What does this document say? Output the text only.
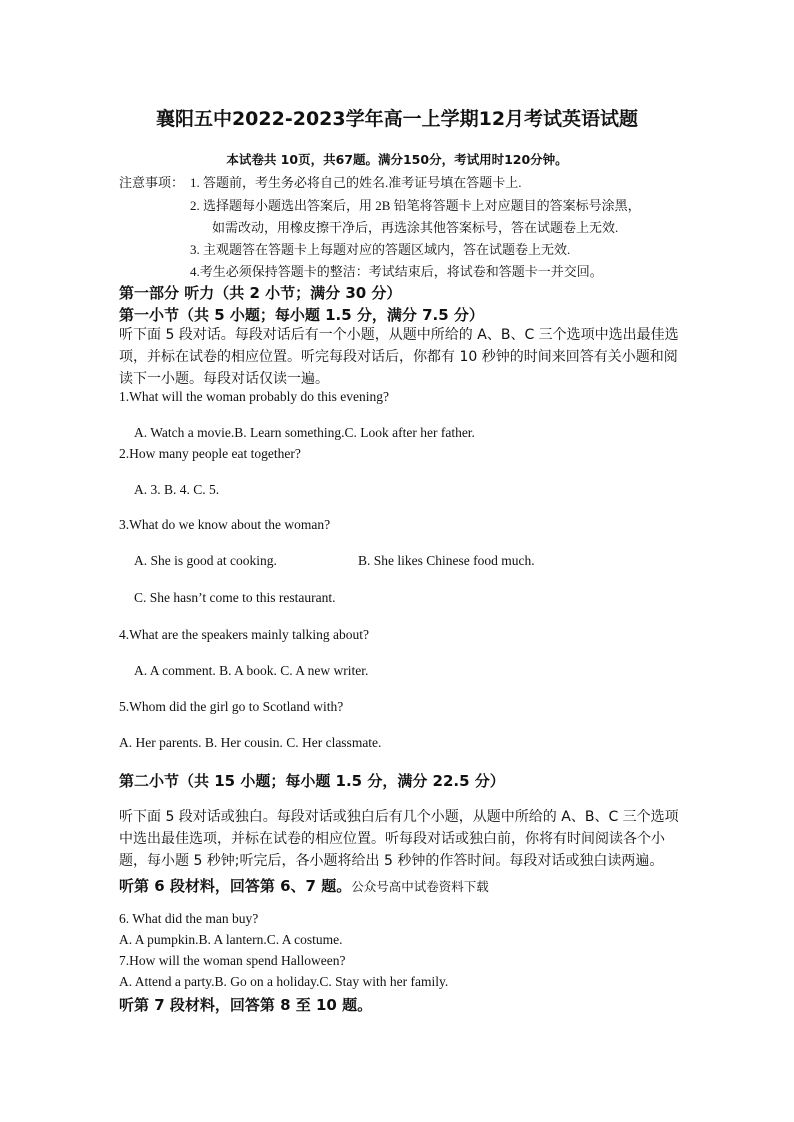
襄阳五中2022-2023学年高一上学期12月考试英语试题
本试卷共 10页，共67题。满分150分，考试用时120分钟。
注意事项： 1. 答题前，考生务必将自己的姓名.准考证号填在答题卡上.
2. 选择题每小题选出答案后，用 2B 铅笔将答题卡上对应题目的答案标号涂黑，
如需改动，用橡皮擦干净后，再选涂其他答案标号，答在试题卷上无效.
3. 主观题答在答题卡上每题对应的答题区域内，答在试题卷上无效.
4.考生必须保持答题卡的整洁：考试结束后，将试卷和答题卡一并交回。
第一部分 听力（共 2 小节；满分 30 分）
第一小节（共 5 小题；每小题 1.5 分，满分 7.5 分）
听下面 5 段对话。每段对话后有一个小题，从题中所给的 A、B、C 三个选项中选出最佳选项，并标在试卷的相应位置。听完每段对话后，你都有 10 秒钟的时间来回答有关小题和阅读下一小题。每段对话仅读一遍。
1.What will the woman probably do this evening?
A. Watch a movie.B. Learn something.C. Look after her father.
2.How many people eat together?
A. 3. B. 4. C. 5.
3.What do we know about the woman?
A. She is good at cooking.	B. She likes Chinese food much.
C. She hasn’t come to this restaurant.
4.What are the speakers mainly talking about?
A. A comment. B. A book. C. A new writer.
5.Whom did the girl go to Scotland with?
A. Her parents. B. Her cousin. C. Her classmate.
第二小节（共 15 小题；每小题 1.5 分，满分 22.5 分）
听下面 5 段对话或独白。每段对话或独白后有几个小题，从题中所给的 A、B、C 三个选项中选出最佳选项，并标在试卷的相应位置。听每段对话或独白前，你将有时间阅读各个小题，每小题 5 秒钟;听完后，各小题将给出 5 秒钟的作答时间。每段对话或独白读两遍。
听第 6 段材料，回答第 6、7 题。公众号高中试卷资料下载
6. What did the man buy?
A. A pumpkin.B. A lantern.C. A costume.
7.How will the woman spend Halloween?
A. Attend a party.B. Go on a holiday.C. Stay with her family.
听第 7 段材料，回答第 8 至 10 题。
